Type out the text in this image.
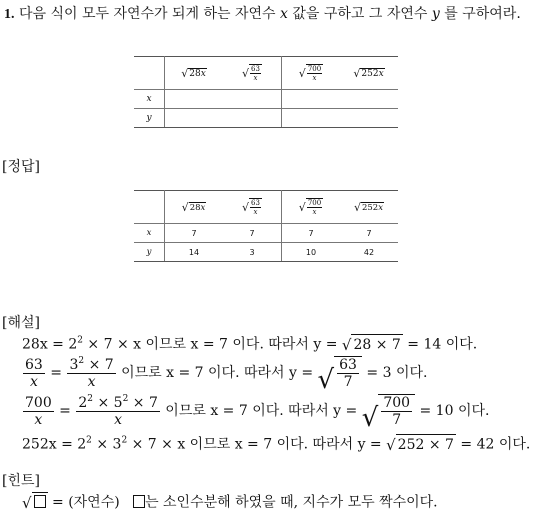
1. 다음 식이 모두 자연수가 되게 하는 자연수 x 값을 구하고 그 자연수 y 를 구하여라.

	√ 28x	√ $\frac{63}{x}$	√ $\frac{700}{x}$	√ 252x

x				
y				
[정답]

	√ 28x	√ $\frac{63}{x}$	√ $\frac{700}{x}$	√ 252x

x	7	7	7	7
y	14	3	10	42
[해설]
$28x = 2^2 \times 7 \times x$ 이므로 x = 7 이다. 따라서 y = √ 28 × 7 = 14 이다.
$\frac{63}{x} = \frac{3^2 \times 7}{x}$ 이므로 x = 7 이다. 따라서 y = √ $\frac{63}{7} = 3$ 이다.
$\frac{700}{x} = \frac{2^2 \times 5^2 \times 7}{x}$ 이므로 x = 7 이다. 따라서 y = √ $\frac{700}{7} = 10$ 이다.
$252x = 2^2 \times 3^2 \times 7 \times x$ 이므로 x = 7 이다. 따라서 y = √ 252 × 7 = 42 이다.
[힌트]
√ = (자연수) 는 소인수분해 하였을 때, 지수가 모두 짝수이다.
